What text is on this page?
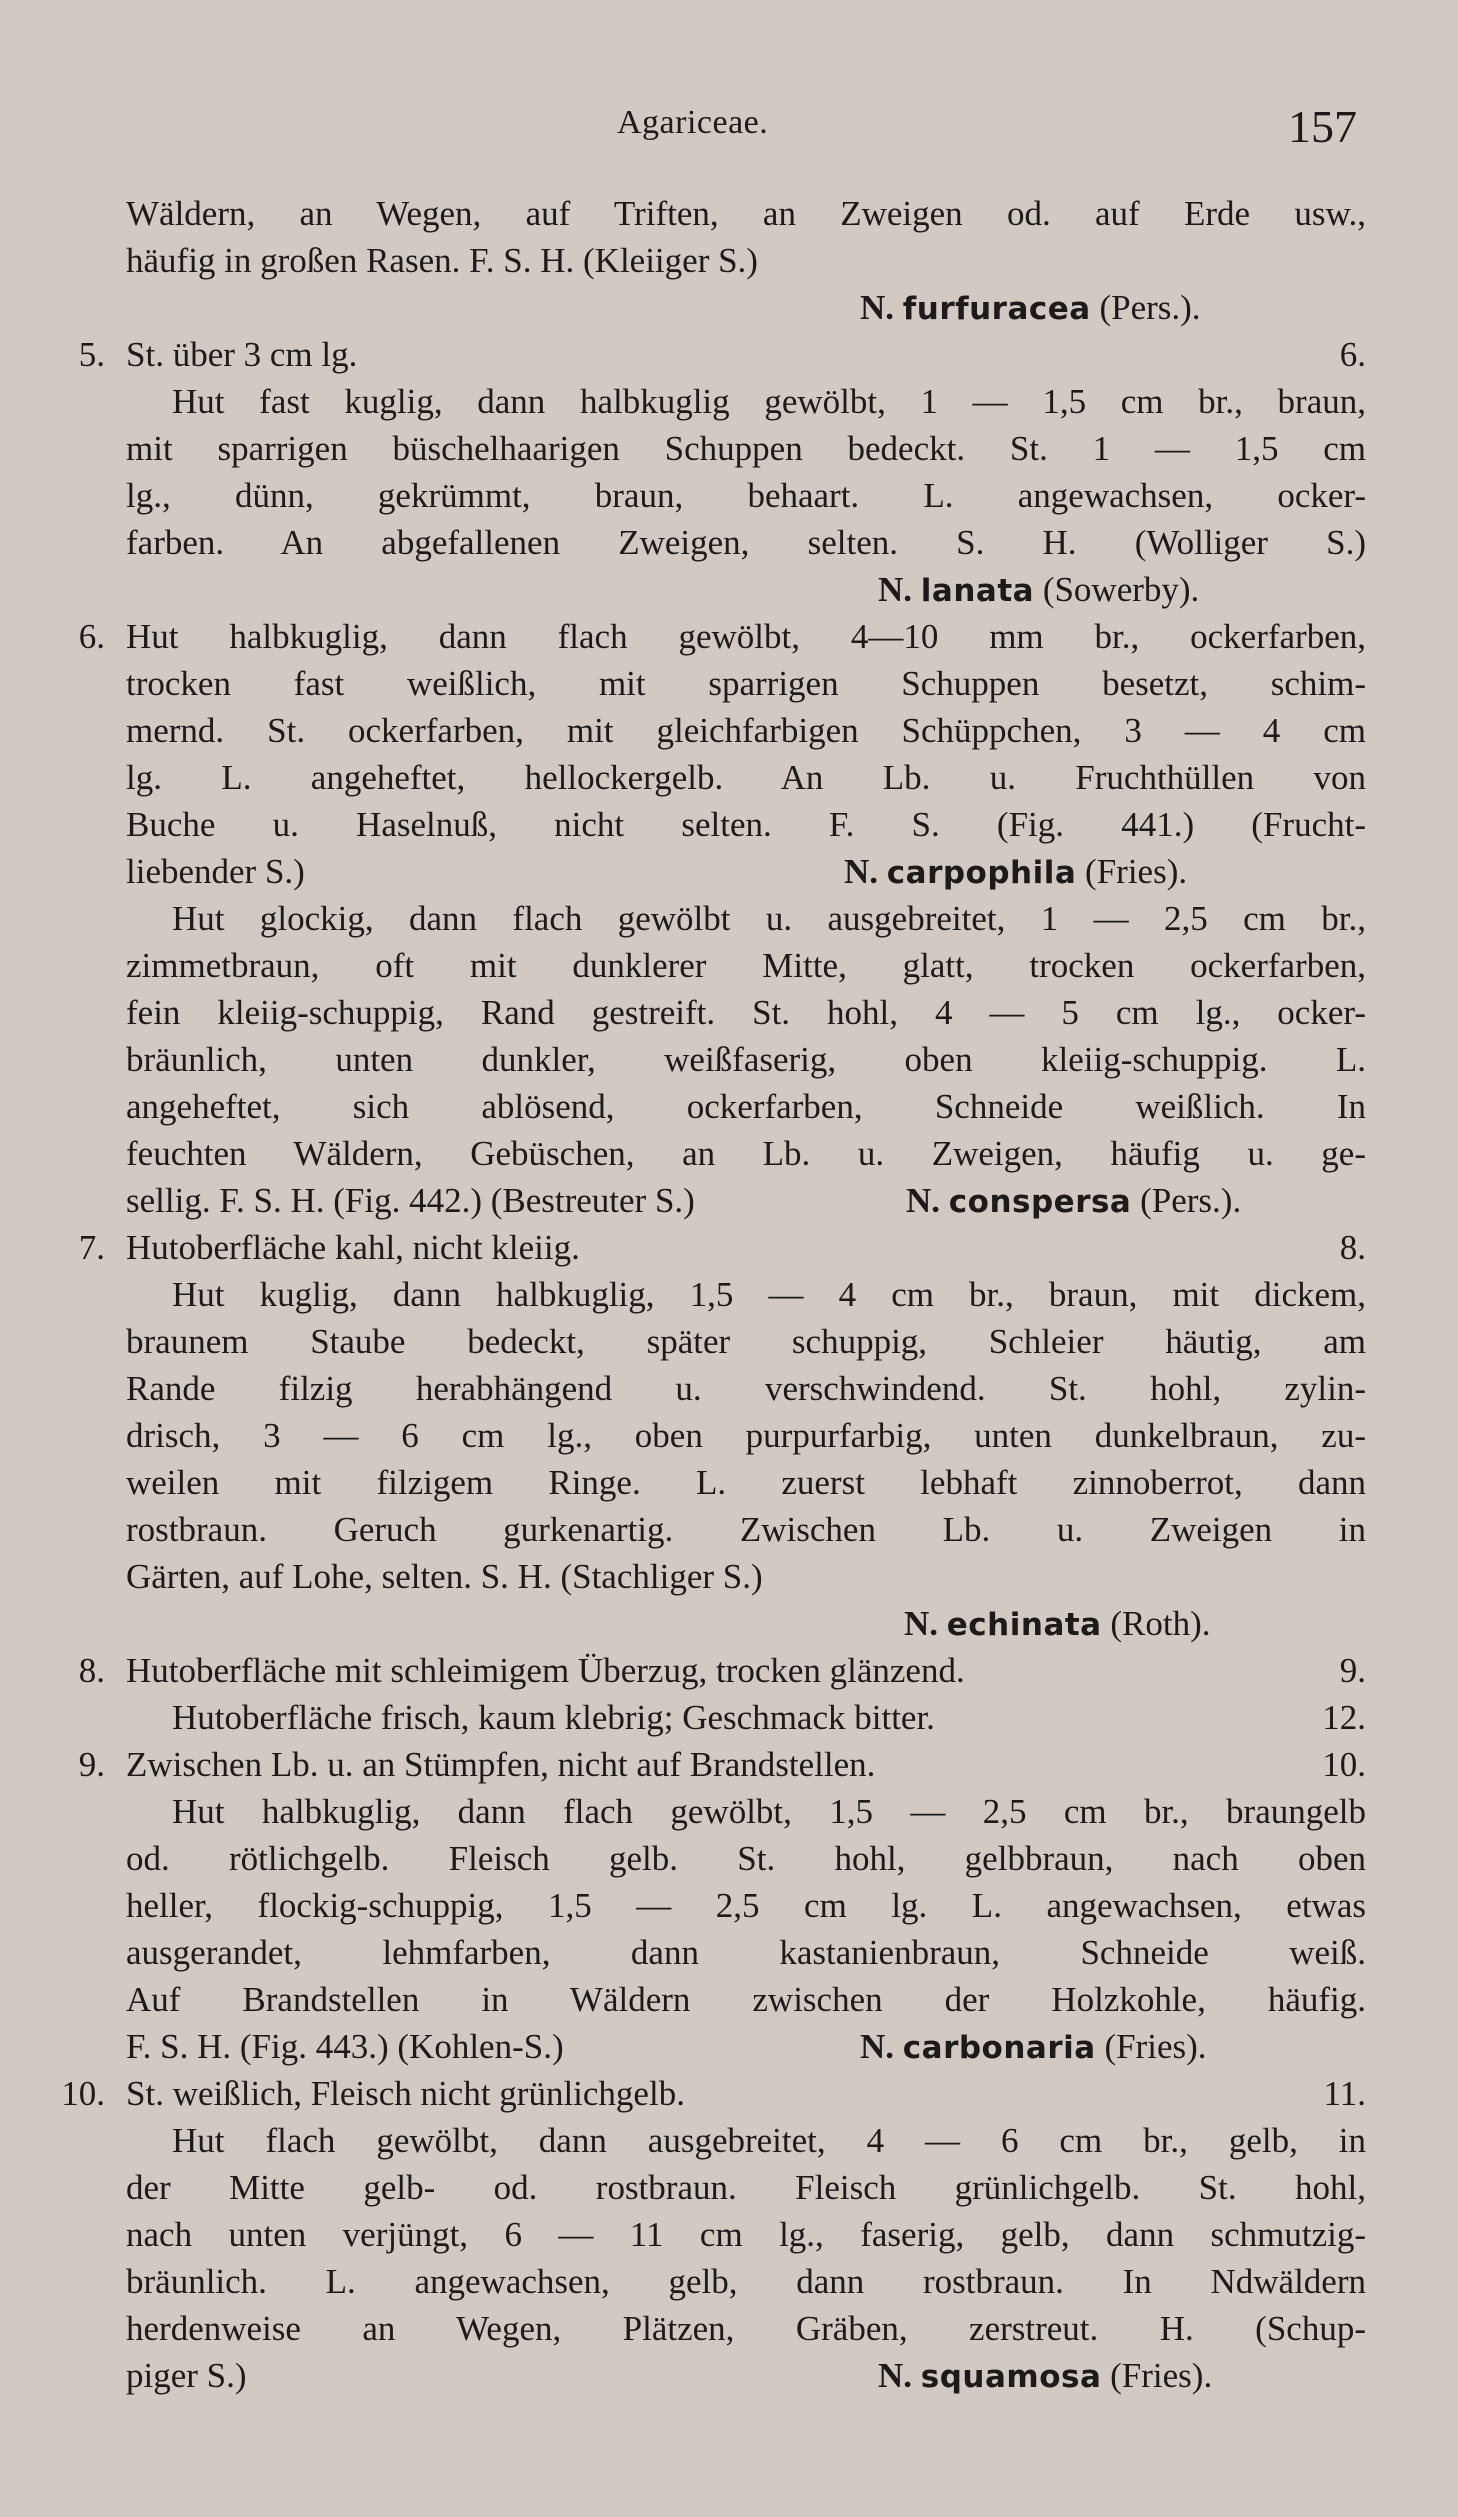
Agariceae.	157
Wäldern, an Wegen, auf Triften, an Zweigen od. auf Erde usw.,
häufig in großen Rasen. F. S. H. (Kleiiger S.)
N. furfuracea (Pers.).
5. St. über 3 cm lg.	6.
Hut fast kuglig, dann halbkuglig gewölbt, 1 — 1,5 cm br., braun,
mit sparrigen büschelhaarigen Schuppen bedeckt. St. 1 — 1,5 cm
lg., dünn, gekrümmt, braun, behaart. L. angewachsen, ocker-
farben. An abgefallenen Zweigen, selten. S. H. (Wolliger S.)
N. lanata (Sowerby).
6. Hut halbkuglig, dann flach gewölbt, 4—10 mm br., ockerfarben,
trocken fast weißlich, mit sparrigen Schuppen besetzt, schim-
mernd. St. ockerfarben, mit gleichfarbigen Schüppchen, 3 — 4 cm
lg. L. angeheftet, hellockergelb. An Lb. u. Fruchthüllen von
Buche u. Haselnuß, nicht selten. F. S. (Fig. 441.) (Frucht-
liebender S.)	N. carpophila (Fries).
Hut glockig, dann flach gewölbt u. ausgebreitet, 1 — 2,5 cm br.,
zimmetbraun, oft mit dunklerer Mitte, glatt, trocken ockerfarben,
fein kleiig-schuppig, Rand gestreift. St. hohl, 4 — 5 cm lg., ocker-
bräunlich, unten dunkler, weißfaserig, oben kleiig-schuppig. L.
angeheftet, sich ablösend, ockerfarben, Schneide weißlich. In
feuchten Wäldern, Gebüschen, an Lb. u. Zweigen, häufig u. ge-
sellig. F. S. H. (Fig. 442.) (Bestreuter S.)	N. conspersa (Pers.).
7. Hutoberfläche kahl, nicht kleiig.	8.
Hut kuglig, dann halbkuglig, 1,5 — 4 cm br., braun, mit dickem,
braunem Staube bedeckt, später schuppig, Schleier häutig, am
Rande filzig herabhängend u. verschwindend. St. hohl, zylin-
drisch, 3 — 6 cm lg., oben purpurfarbig, unten dunkelbraun, zu-
weilen mit filzigem Ringe. L. zuerst lebhaft zinnoberrot, dann
rostbraun. Geruch gurkenartig. Zwischen Lb. u. Zweigen in
Gärten, auf Lohe, selten. S. H. (Stachliger S.)
N. echinata (Roth).
8. Hutoberfläche mit schleimigem Überzug, trocken glänzend.	9.
Hutoberfläche frisch, kaum klebrig; Geschmack bitter.	12.
9. Zwischen Lb. u. an Stümpfen, nicht auf Brandstellen.	10.
Hut halbkuglig, dann flach gewölbt, 1,5 — 2,5 cm br., braungelb
od. rötlichgelb. Fleisch gelb. St. hohl, gelbbraun, nach oben
heller, flockig-schuppig, 1,5 — 2,5 cm lg. L. angewachsen, etwas
ausgerandet, lehmfarben, dann kastanienbraun, Schneide weiß.
Auf Brandstellen in Wäldern zwischen der Holzkohle, häufig.
F. S. H. (Fig. 443.) (Kohlen-S.)	N. carbonaria (Fries).
10. St. weißlich, Fleisch nicht grünlichgelb.	11.
Hut flach gewölbt, dann ausgebreitet, 4 — 6 cm br., gelb, in
der Mitte gelb- od. rostbraun. Fleisch grünlichgelb. St. hohl,
nach unten verjüngt, 6 — 11 cm lg., faserig, gelb, dann schmutzig-
bräunlich. L. angewachsen, gelb, dann rostbraun. In Ndwäldern
herdenweise an Wegen, Plätzen, Gräben, zerstreut. H. (Schup-
piger S.)	N. squamosa (Fries).
